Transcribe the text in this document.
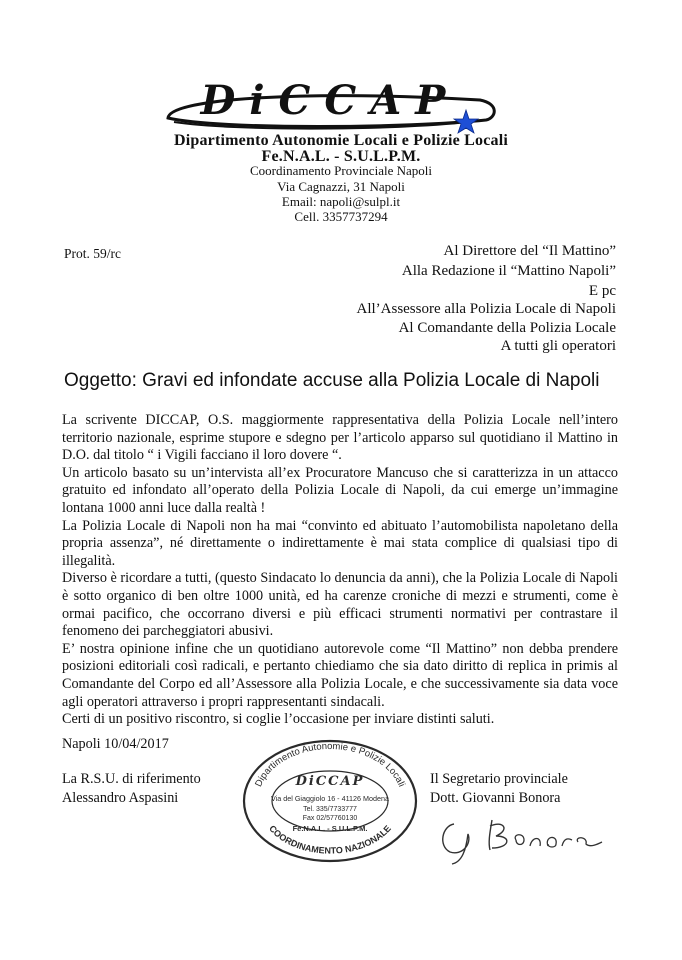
DiCCAP
Dipartimento Autonomie Locali e Polizie Locali
Fe.N.A.L. - S.U.L.P.M.
Coordinamento Provinciale Napoli
Via Cagnazzi, 31 Napoli
Email: napoli@sulpl.it
Cell. 3357737294
Prot. 59/rc	Al Direttore del “Il Mattino”
Alla Redazione il “Mattino Napoli”
E pc
All’Assessore alla Polizia Locale di Napoli
Al Comandante della Polizia Locale
A tutti gli operatori
Oggetto: Gravi ed infondate accuse alla Polizia Locale di Napoli

La scrivente DICCAP, O.S. maggiormente rappresentativa della Polizia Locale nell’intero territorio nazionale, esprime stupore e sdegno per l’articolo apparso sul quotidiano il Mattino in D.O. dal titolo “ i Vigili facciano il loro dovere “.

Un articolo basato su un’intervista all’ex Procuratore Mancuso che si caratterizza in un attacco gratuito ed infondato all’operato della Polizia Locale di Napoli, da cui emerge un’immagine lontana 1000 anni luce dalla realtà !

La Polizia Locale di Napoli non ha mai “convinto ed abituato l’automobilista napoletano della propria assenza”, né direttamente o indirettamente è mai stata complice di qualsiasi tipo di illegalità.

Diverso è ricordare a tutti, (questo Sindacato lo denuncia da anni), che la Polizia Locale di Napoli è sotto organico di ben oltre 1000 unità, ed ha carenze croniche di mezzi e strumenti, come è ormai pacifico, che occorrano diversi e più efficaci strumenti normativi per contrastare il fenomeno dei parcheggiatori abusivi.

E’ nostra opinione infine che un quotidiano autorevole come “Il Mattino” non debba prendere posizioni editoriali così radicali, e pertanto chiediamo che sia dato diritto di replica in primis al Comandante del Corpo ed all’Assessore alla Polizia Locale, e che successivamente sia data voce agli operatori attraverso i propri rappresentanti sindacali.

Certi di un positivo riscontro, si coglie l’occasione per inviare distinti saluti.

Napoli 10/04/2017
La R.S.U. di riferimento
Alessandro Aspasini
Il Segretario provinciale
Dott. Giovanni Bonora
Dipartimento Autonomie e Polizie Locali
COORDINAMENTO NAZIONALE
DiCCAP
Via del Giaggiolo 16 - 41126 Modena
Tel. 335/7733777
Fax 02/57760130
Fe.N.A.L. - S.U.L.P.M.
